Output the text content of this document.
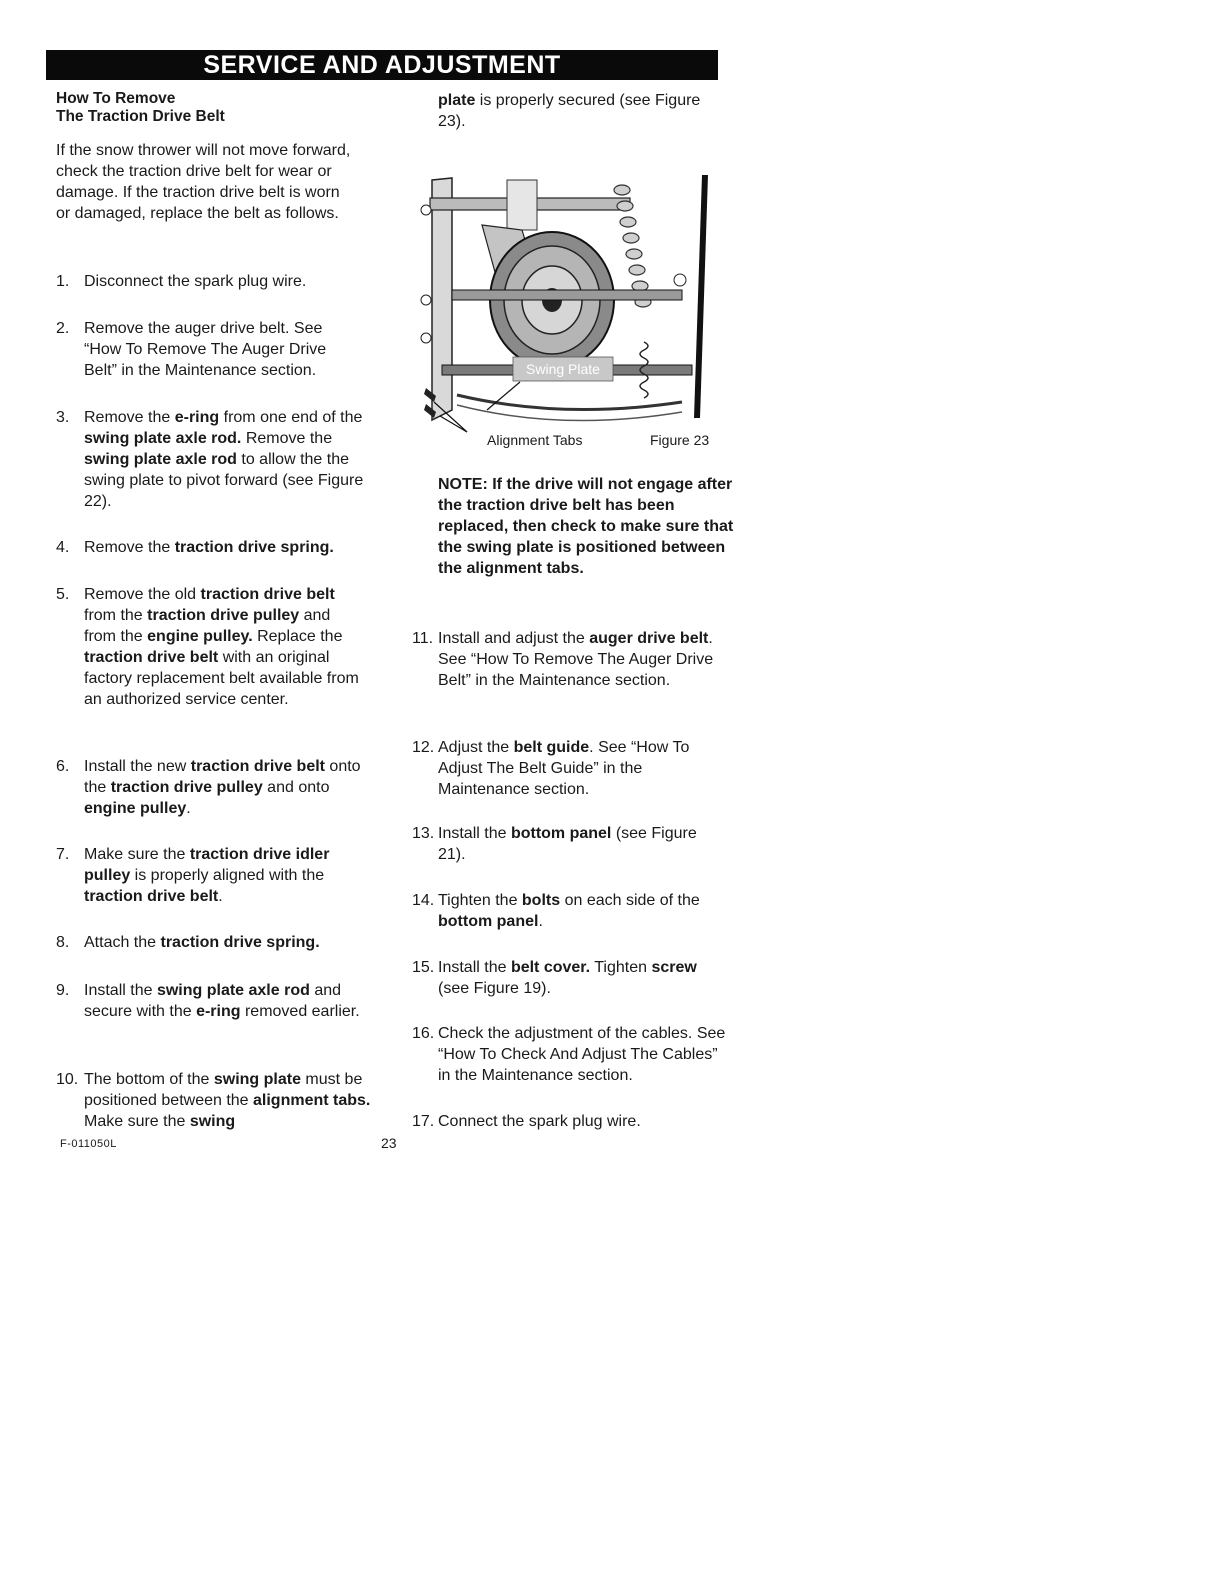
SERVICE AND ADJUSTMENT

How To Remove

The Traction Drive Belt

If the snow thrower will not move forward, check the traction drive belt for wear or damage. If the traction drive belt is worn or damaged, replace the belt as follows.

1. Disconnect the spark plug wire.
2. Remove the auger drive belt. See “How To Remove The Auger Drive Belt” in the Maintenance section.
3. Remove the e-ring from one end of the swing plate axle rod. Remove the swing plate axle rod to allow the the swing plate to pivot forward (see Figure 22).
4. Remove the traction drive spring.
5. Remove the old traction drive belt from the traction drive pulley and from the engine pulley. Replace the traction drive belt with an original factory replacement belt available from an authorized service center.
6. Install the new traction drive belt onto the traction drive pulley and onto engine pulley.
7. Make sure the traction drive idler pulley is properly aligned with the traction drive belt.
8. Attach the traction drive spring.
9. Install the swing plate axle rod and secure with the e-ring removed earlier.
10. The bottom of the swing plate must be positioned between the alignment tabs. Make sure the swing

plate is properly secured (see Figure 23).

NOTE: If the drive will not engage after the traction drive belt has been replaced, then check to make sure that the swing plate is positioned between the alignment tabs.
11. Install and adjust the auger drive belt. See “How To Remove The Auger Drive Belt” in the Maintenance section.
12. Adjust the belt guide. See “How To Adjust The Belt Guide” in the Maintenance section.
13. Install the bottom panel (see Figure 21).
14. Tighten the bolts on each side of the bottom panel.
15. Install the belt cover. Tighten screw (see Figure 19).
16. Check the adjustment of the cables. See “How To Check And Adjust The Cables” in the Maintenance section.
17. Connect the spark plug wire.
Swing Plate
Alignment Tabs	Figure 23
F-011050L	23
